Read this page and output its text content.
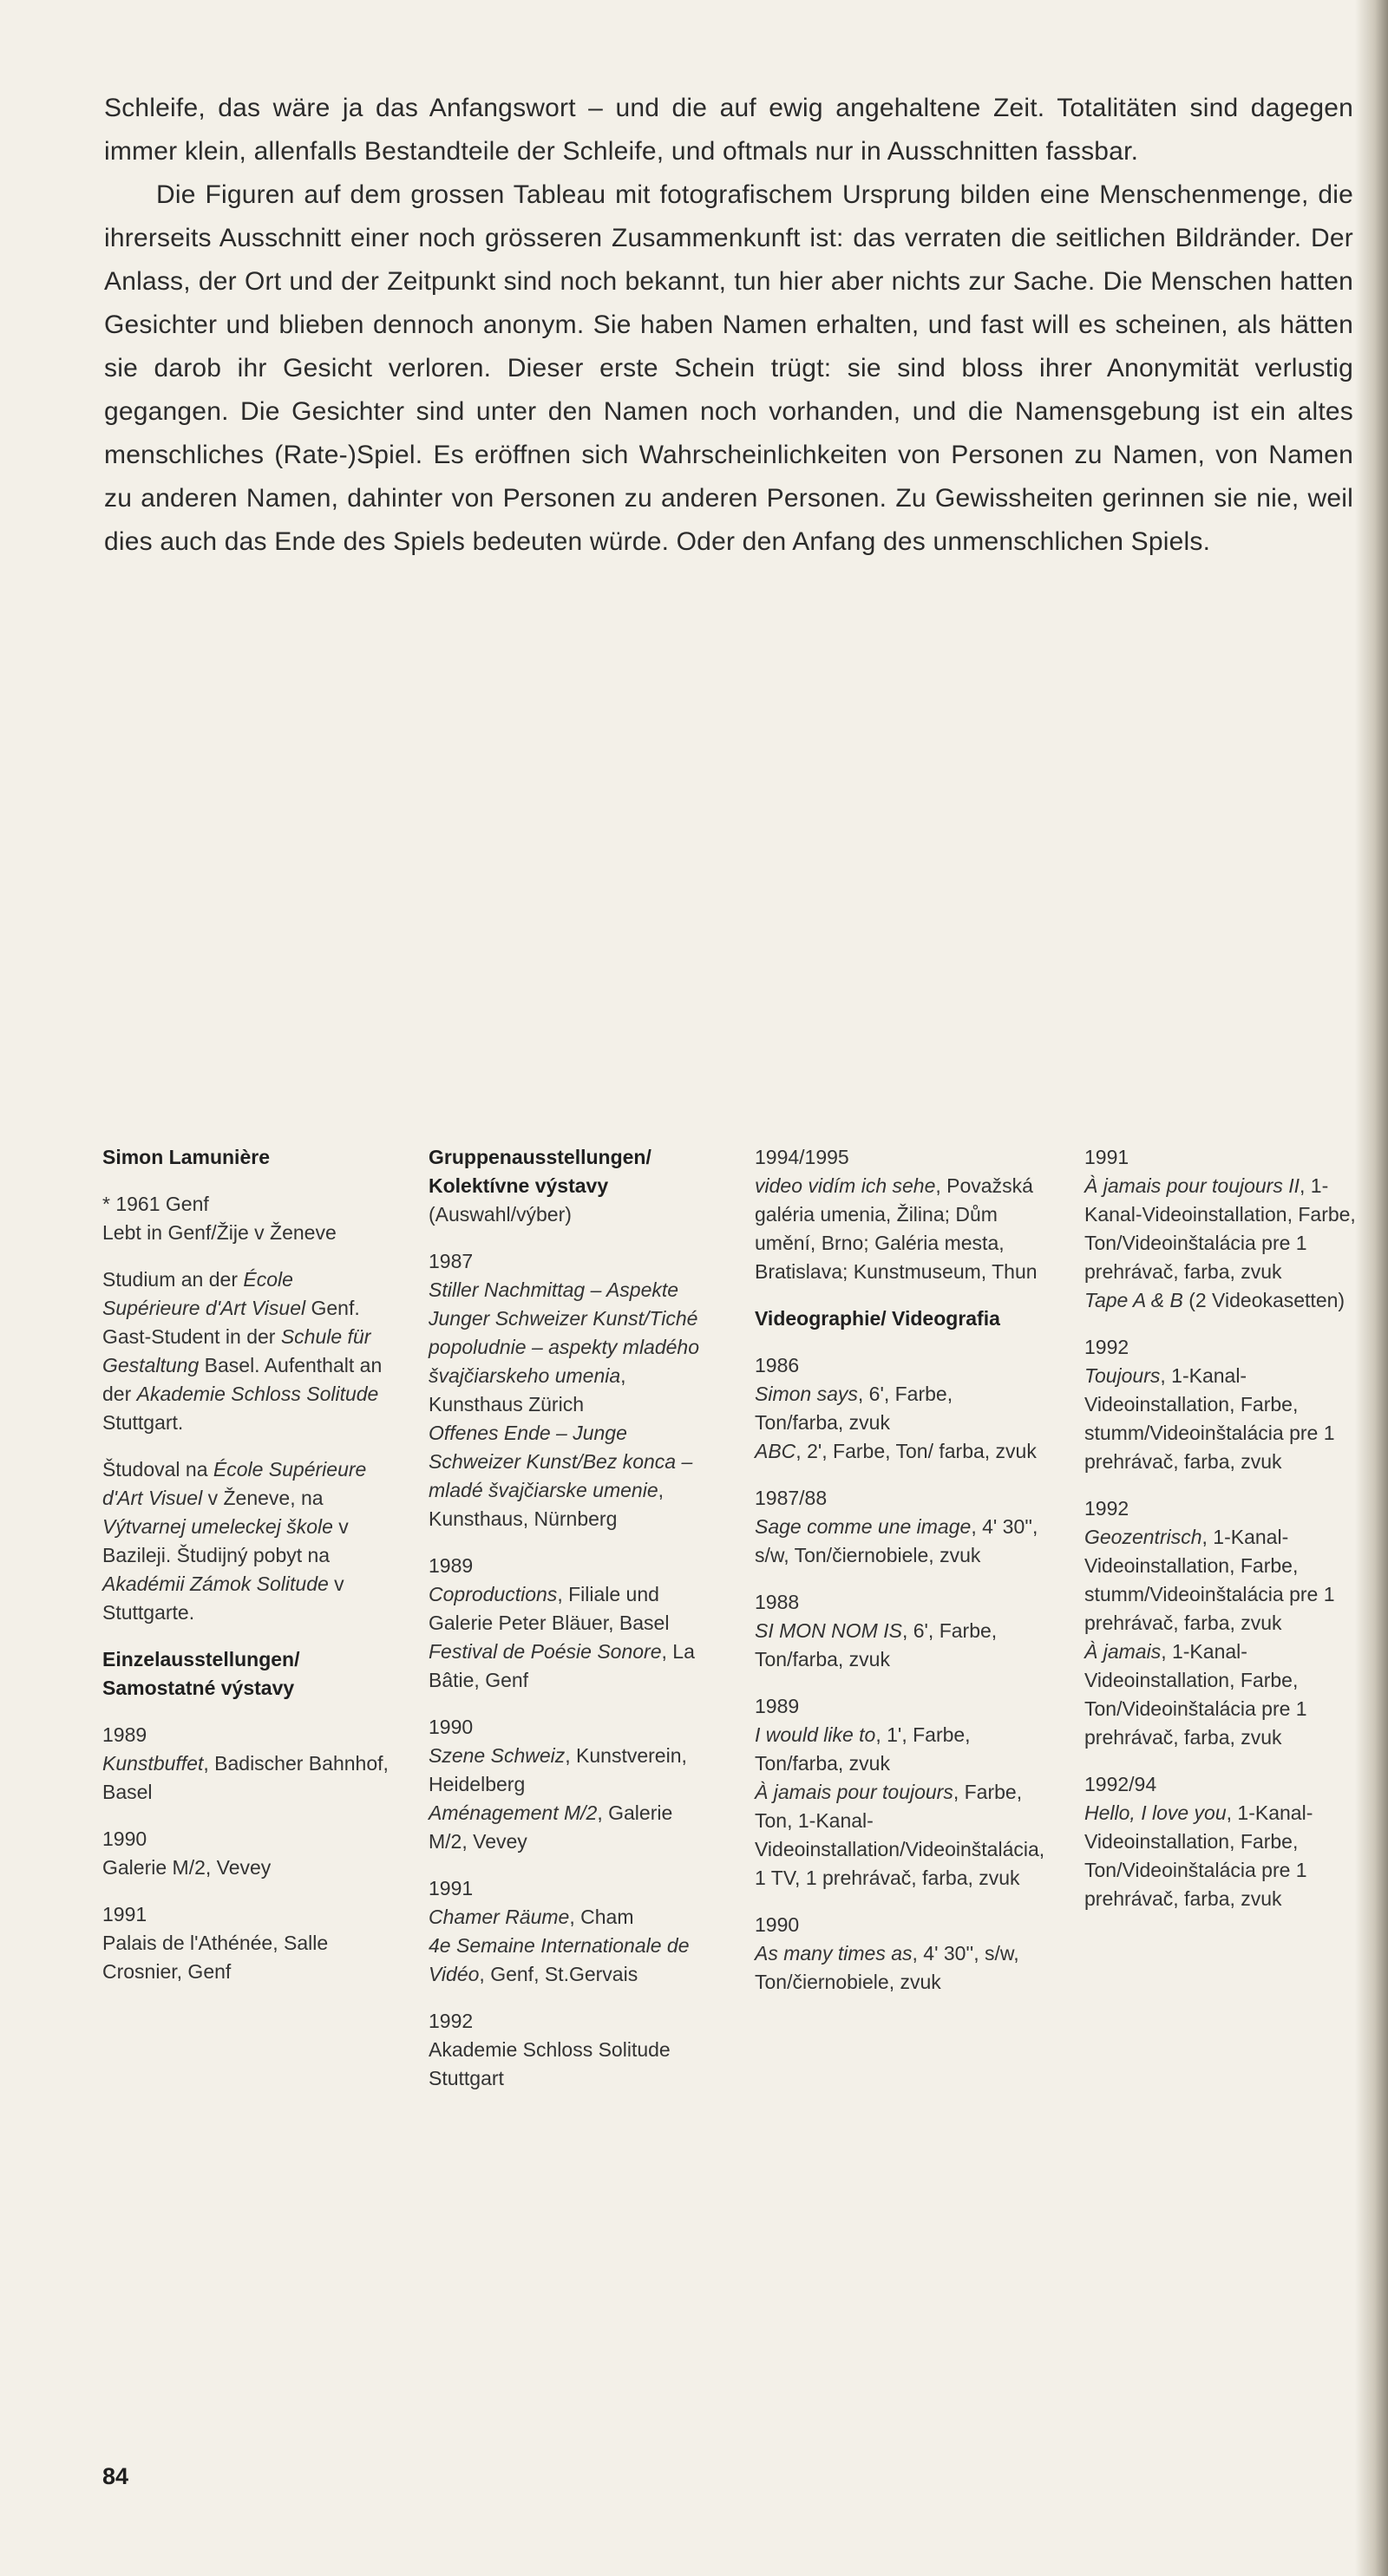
Schleife, das wäre ja das Anfangswort – und die auf ewig angehaltene Zeit. Totalitäten sind dagegen immer klein, allenfalls Bestandteile der Schleife, und oftmals nur in Ausschnitten fassbar.

Die Figuren auf dem grossen Tableau mit fotografischem Ursprung bilden eine Menschenmenge, die ihrerseits Ausschnitt einer noch grösseren Zusammenkunft ist: das verraten die seitlichen Bildränder. Der Anlass, der Ort und der Zeitpunkt sind noch bekannt, tun hier aber nichts zur Sache. Die Menschen hatten Gesichter und blieben dennoch anonym. Sie haben Namen erhalten, und fast will es scheinen, als hätten sie darob ihr Gesicht verloren. Dieser erste Schein trügt: sie sind bloss ihrer Anonymität verlustig gegangen. Die Gesichter sind unter den Namen noch vorhanden, und die Namensgebung ist ein altes menschliches (Rate-)Spiel. Es eröffnen sich Wahrscheinlichkeiten von Personen zu Namen, von Namen zu anderen Namen, dahinter von Personen zu anderen Personen. Zu Gewissheiten gerinnen sie nie, weil dies auch das Ende des Spiels bedeuten würde. Oder den Anfang des unmenschlichen Spiels.

Simon Lamunière
* 1961 Genf
Lebt in Genf/Žije v Ženeve
Studium an der École Supérieure d'Art Visuel Genf. Gast-Student in der Schule für Gestaltung Basel. Aufenthalt an der Akademie Schloss Solitude Stuttgart.
Študoval na École Supérieure d'Art Visuel v Ženeve, na Výtvarnej umeleckej škole v Bazileji. Študijný pobyt na Akadémii Zámok Solitude v Stuttgarte.
Einzelausstellungen/ Samostatné výstavy
1989
Kunstbuffet, Badischer Bahnhof, Basel
1990
Galerie M/2, Vevey
1991
Palais de l'Athénée, Salle Crosnier, Genf
Gruppenausstellungen/ Kolektívne výstavy
(Auswahl/výber)
1987
Stiller Nachmittag – Aspekte Junger Schweizer Kunst/Tiché popoludnie – aspekty mladého švajčiarskeho umenia, Kunsthaus Zürich
Offenes Ende – Junge Schweizer Kunst/Bez konca – mladé švajčiarske umenie, Kunsthaus, Nürnberg
1989
Coproductions, Filiale und Galerie Peter Bläuer, Basel
Festival de Poésie Sonore, La Bâtie, Genf
1990
Szene Schweiz, Kunstverein, Heidelberg
Aménagement M/2, Galerie M/2, Vevey
1991
Chamer Räume, Cham
4e Semaine Internationale de Vidéo, Genf, St.Gervais
1992
Akademie Schloss Solitude Stuttgart
1994/1995
video vidím ich sehe, Považská galéria umenia, Žilina; Dům umění, Brno; Galéria mesta, Bratislava; Kunstmuseum, Thun
Videographie/ Videografia
1986
Simon says, 6', Farbe, Ton/farba, zvuk
ABC, 2', Farbe, Ton/ farba, zvuk
1987/88
Sage comme une image, 4' 30'', s/w, Ton/čiernobiele, zvuk
1988
SI MON NOM IS, 6', Farbe, Ton/farba, zvuk
1989
I would like to, 1', Farbe, Ton/farba, zvuk
À jamais pour toujours, Farbe, Ton, 1-Kanal-Videoinstallation/Videoinštalácia, 1 TV, 1 prehrávač, farba, zvuk
1990
As many times as, 4' 30'', s/w, Ton/čiernobiele, zvuk
1991
À jamais pour toujours II, 1-Kanal-Videoinstallation, Farbe, Ton/Videoinštalácia pre 1 prehrávač, farba, zvuk
Tape A & B (2 Videokasetten)
1992
Toujours, 1-Kanal-Videoinstallation, Farbe, stumm/Videoinštalácia pre 1 prehrávač, farba, zvuk
1992
Geozentrisch, 1-Kanal-Videoinstallation, Farbe, stumm/Videoinštalácia pre 1 prehrávač, farba, zvuk
À jamais, 1-Kanal-Videoinstallation, Farbe, Ton/Videoinštalácia pre 1 prehrávač, farba, zvuk
1992/94
Hello, I love you, 1-Kanal-Videoinstallation, Farbe, Ton/Videoinštalácia pre 1 prehrávač, farba, zvuk
84
